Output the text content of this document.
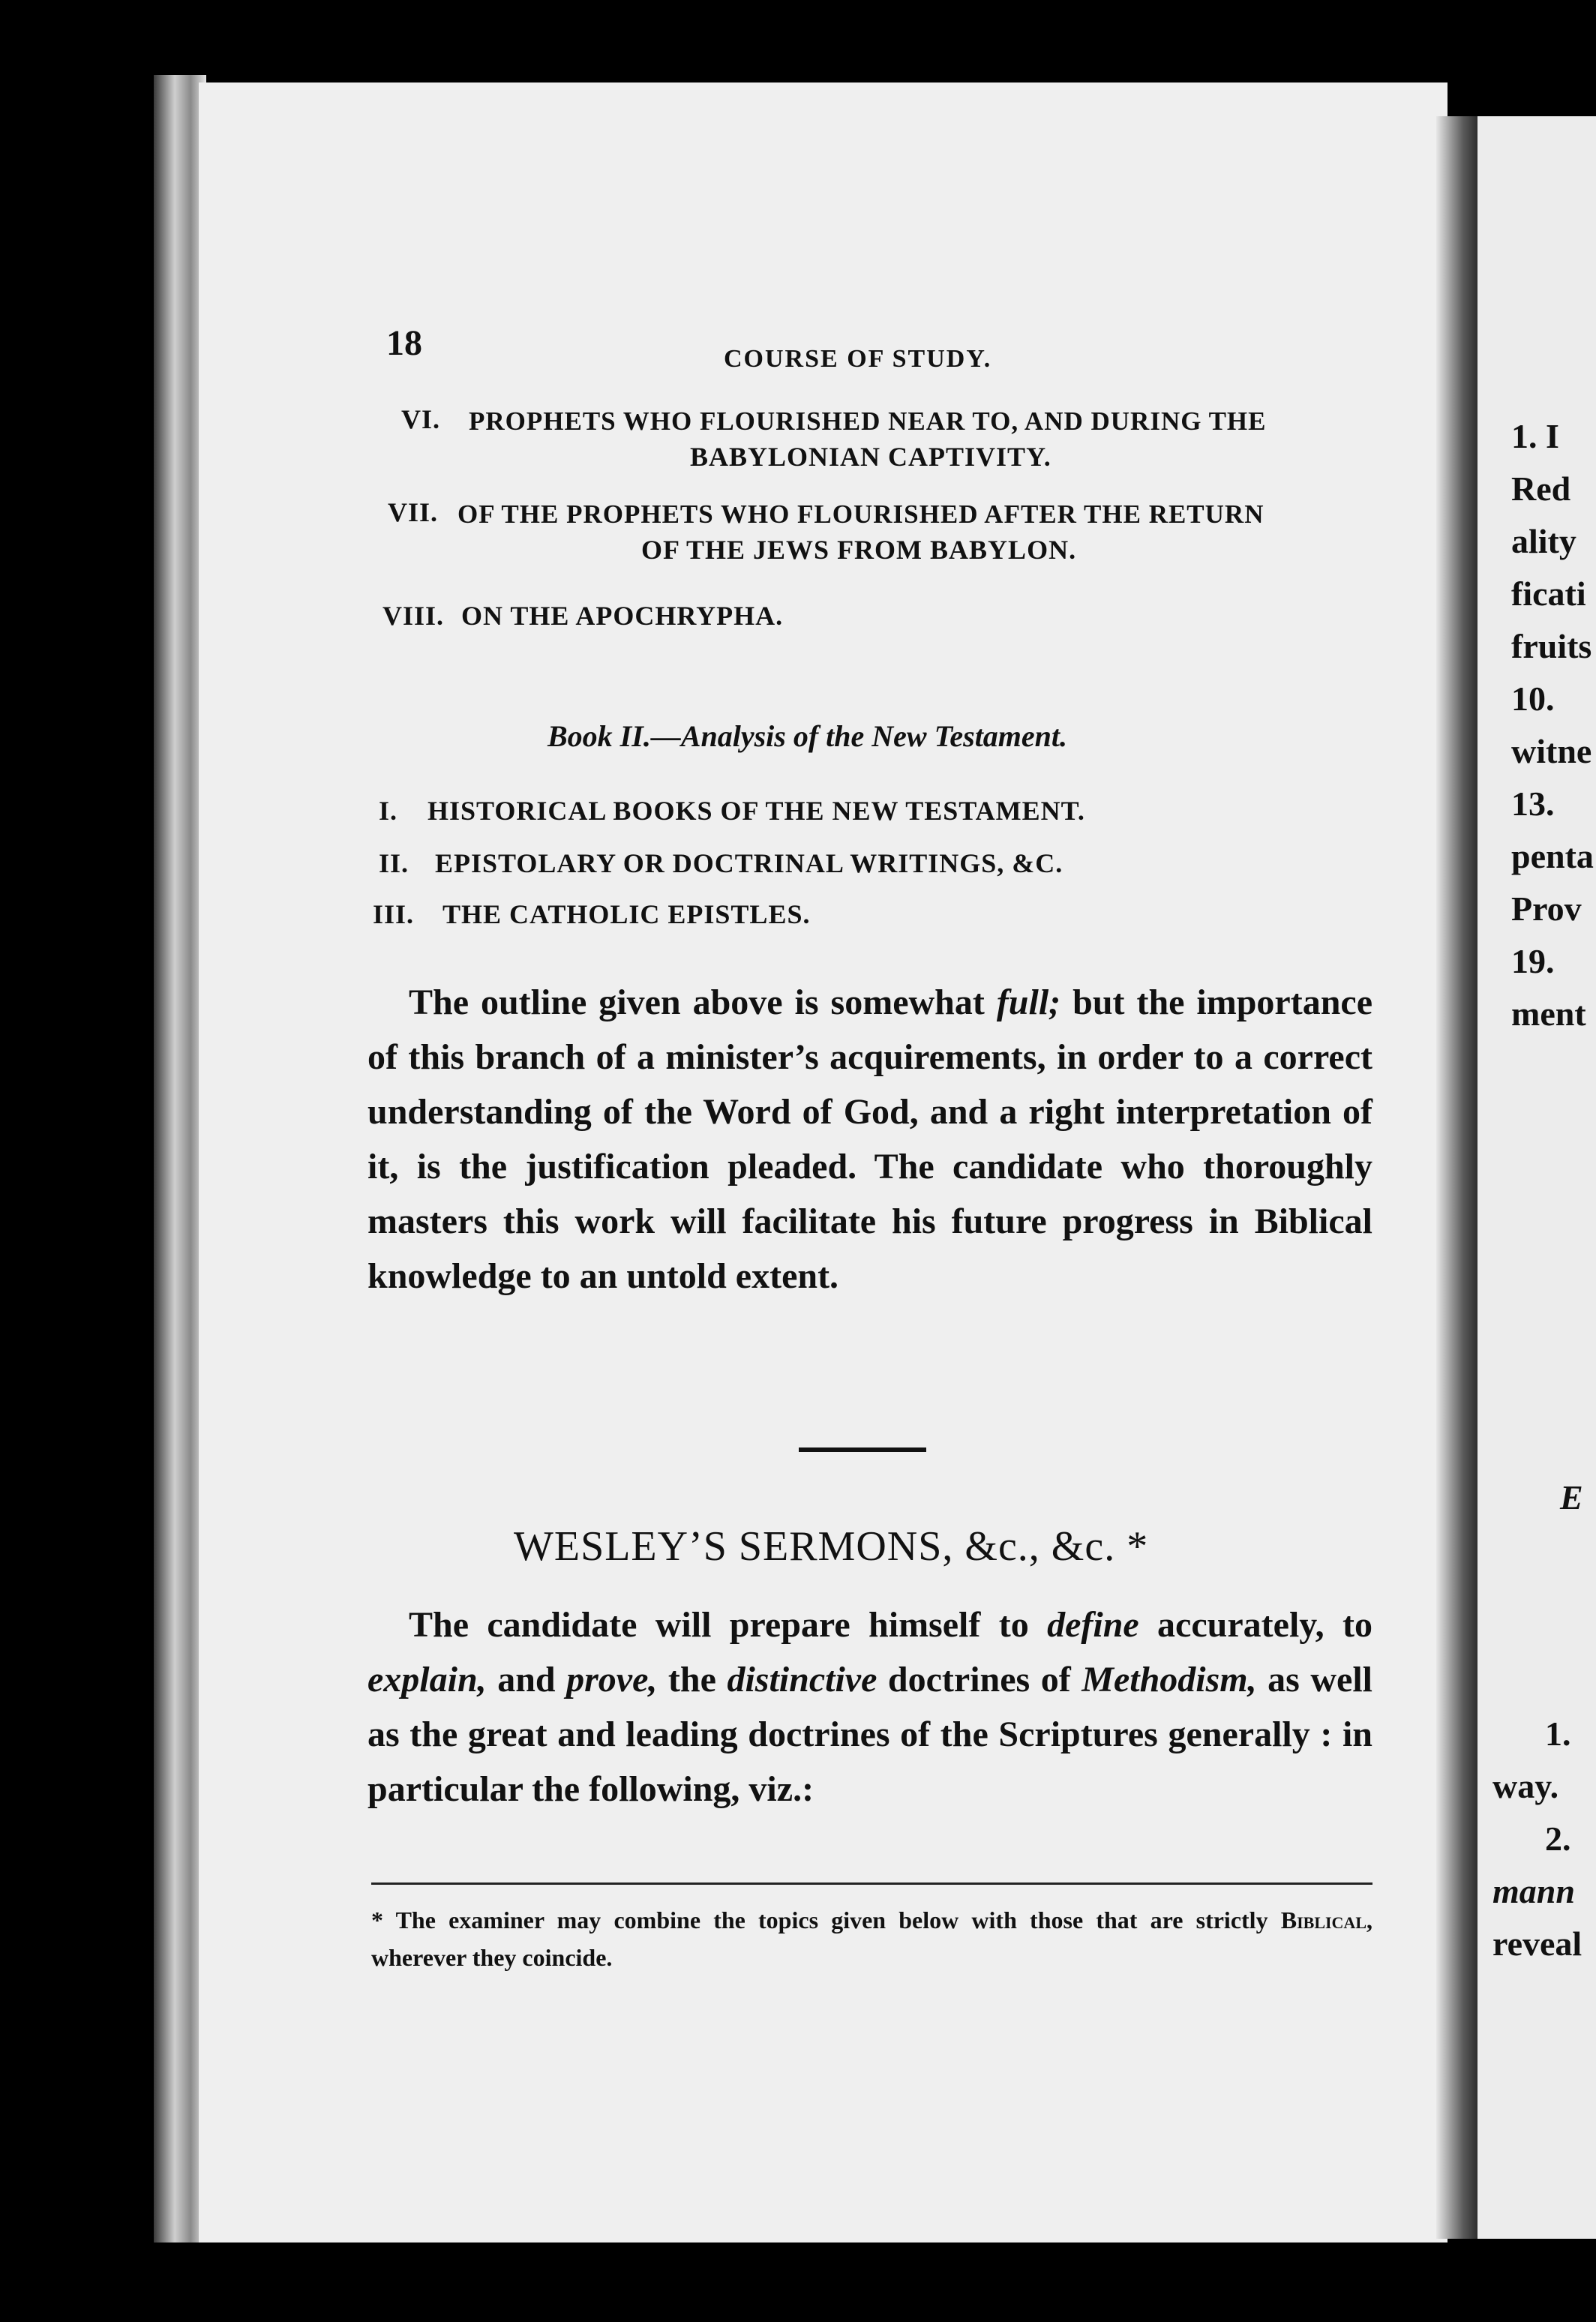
18	COURSE OF STUDY.
VI. PROPHETS WHO FLOURISHED NEAR TO, AND DURING THE
BABYLONIAN CAPTIVITY.
VII. OF THE PROPHETS WHO FLOURISHED AFTER THE RETURN
OF THE JEWS FROM BABYLON.
VIII. ON THE APOCHRYPHA.
Book II.—Analysis of the New Testament.
I. HISTORICAL BOOKS OF THE NEW TESTAMENT.
II. EPISTOLARY OR DOCTRINAL WRITINGS, &C.
III. THE CATHOLIC EPISTLES.
The outline given above is somewhat full; but the importance of this branch of a minister’s acquirements, in order to a correct understanding of the Word of God, and a right interpretation of it, is the justification pleaded. The candidate who thoroughly masters this work will facilitate his future progress in Biblical knowledge to an untold extent.
WESLEY’S SERMONS, &c., &c. *
The candidate will prepare himself to define accurately, to explain, and prove, the distinctive doctrines of Methodism, as well as the great and leading doctrines of the Scriptures generally : in particular the following, viz.:
* The examiner may combine the topics given below with those that are strictly Biblical, wherever they coincide.
1. I
Red
ality
ficati
fruits
10.
witne
13.
penta
Prov
19.
ment
E
1.
way.
2.
mann
reveal
